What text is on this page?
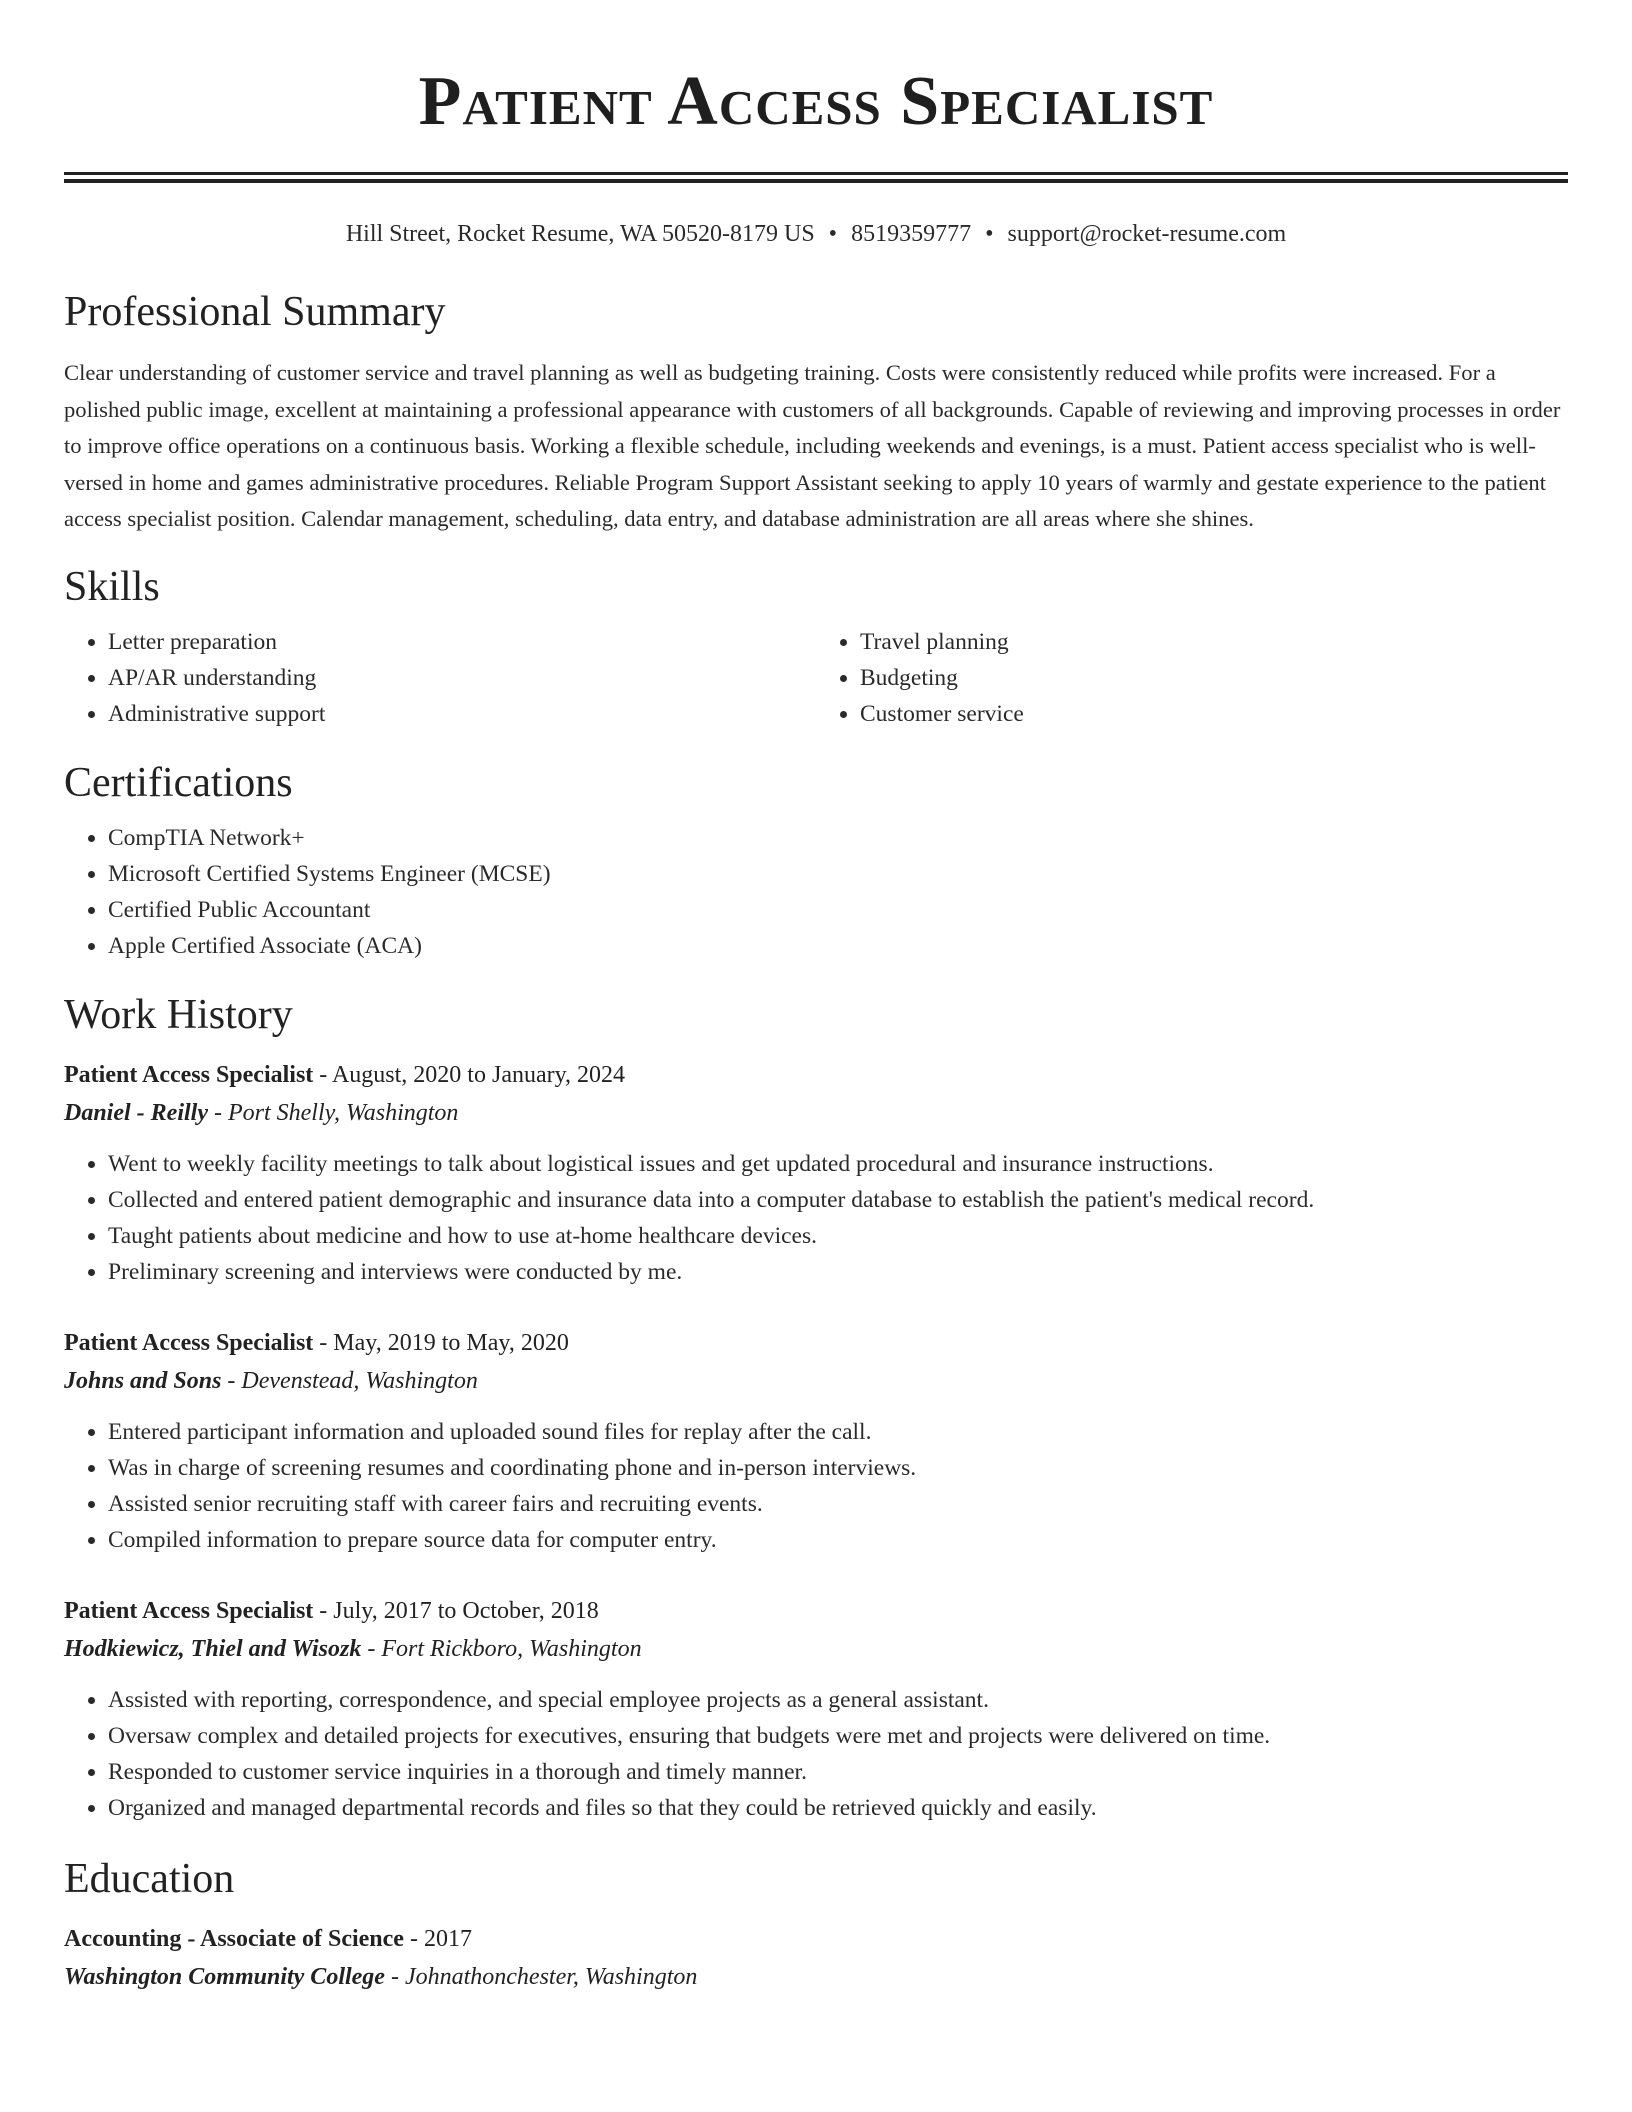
Patient Access Specialist
Hill Street, Rocket Resume, WA 50520-8179 US • 8519359777 • support@rocket-resume.com
Professional Summary
Clear understanding of customer service and travel planning as well as budgeting training. Costs were consistently reduced while profits were increased. For a polished public image, excellent at maintaining a professional appearance with customers of all backgrounds. Capable of reviewing and improving processes in order to improve office operations on a continuous basis. Working a flexible schedule, including weekends and evenings, is a must. Patient access specialist who is well-versed in home and games administrative procedures. Reliable Program Support Assistant seeking to apply 10 years of warmly and gestate experience to the patient access specialist position. Calendar management, scheduling, data entry, and database administration are all areas where she shines.
Skills
• Letter preparation
• AP/AR understanding
• Administrative support
• Travel planning
• Budgeting
• Customer service
Certifications
• CompTIA Network+
• Microsoft Certified Systems Engineer (MCSE)
• Certified Public Accountant
• Apple Certified Associate (ACA)
Work History
Patient Access Specialist - August, 2020 to January, 2024
Daniel - Reilly - Port Shelly, Washington
• Went to weekly facility meetings to talk about logistical issues and get updated procedural and insurance instructions.
• Collected and entered patient demographic and insurance data into a computer database to establish the patient's medical record.
• Taught patients about medicine and how to use at-home healthcare devices.
• Preliminary screening and interviews were conducted by me.
Patient Access Specialist - May, 2019 to May, 2020
Johns and Sons - Devenstead, Washington
• Entered participant information and uploaded sound files for replay after the call.
• Was in charge of screening resumes and coordinating phone and in-person interviews.
• Assisted senior recruiting staff with career fairs and recruiting events.
• Compiled information to prepare source data for computer entry.
Patient Access Specialist - July, 2017 to October, 2018
Hodkiewicz, Thiel and Wisozk - Fort Rickboro, Washington
• Assisted with reporting, correspondence, and special employee projects as a general assistant.
• Oversaw complex and detailed projects for executives, ensuring that budgets were met and projects were delivered on time.
• Responded to customer service inquiries in a thorough and timely manner.
• Organized and managed departmental records and files so that they could be retrieved quickly and easily.
Education
Accounting - Associate of Science - 2017
Washington Community College - Johnathonchester, Washington
